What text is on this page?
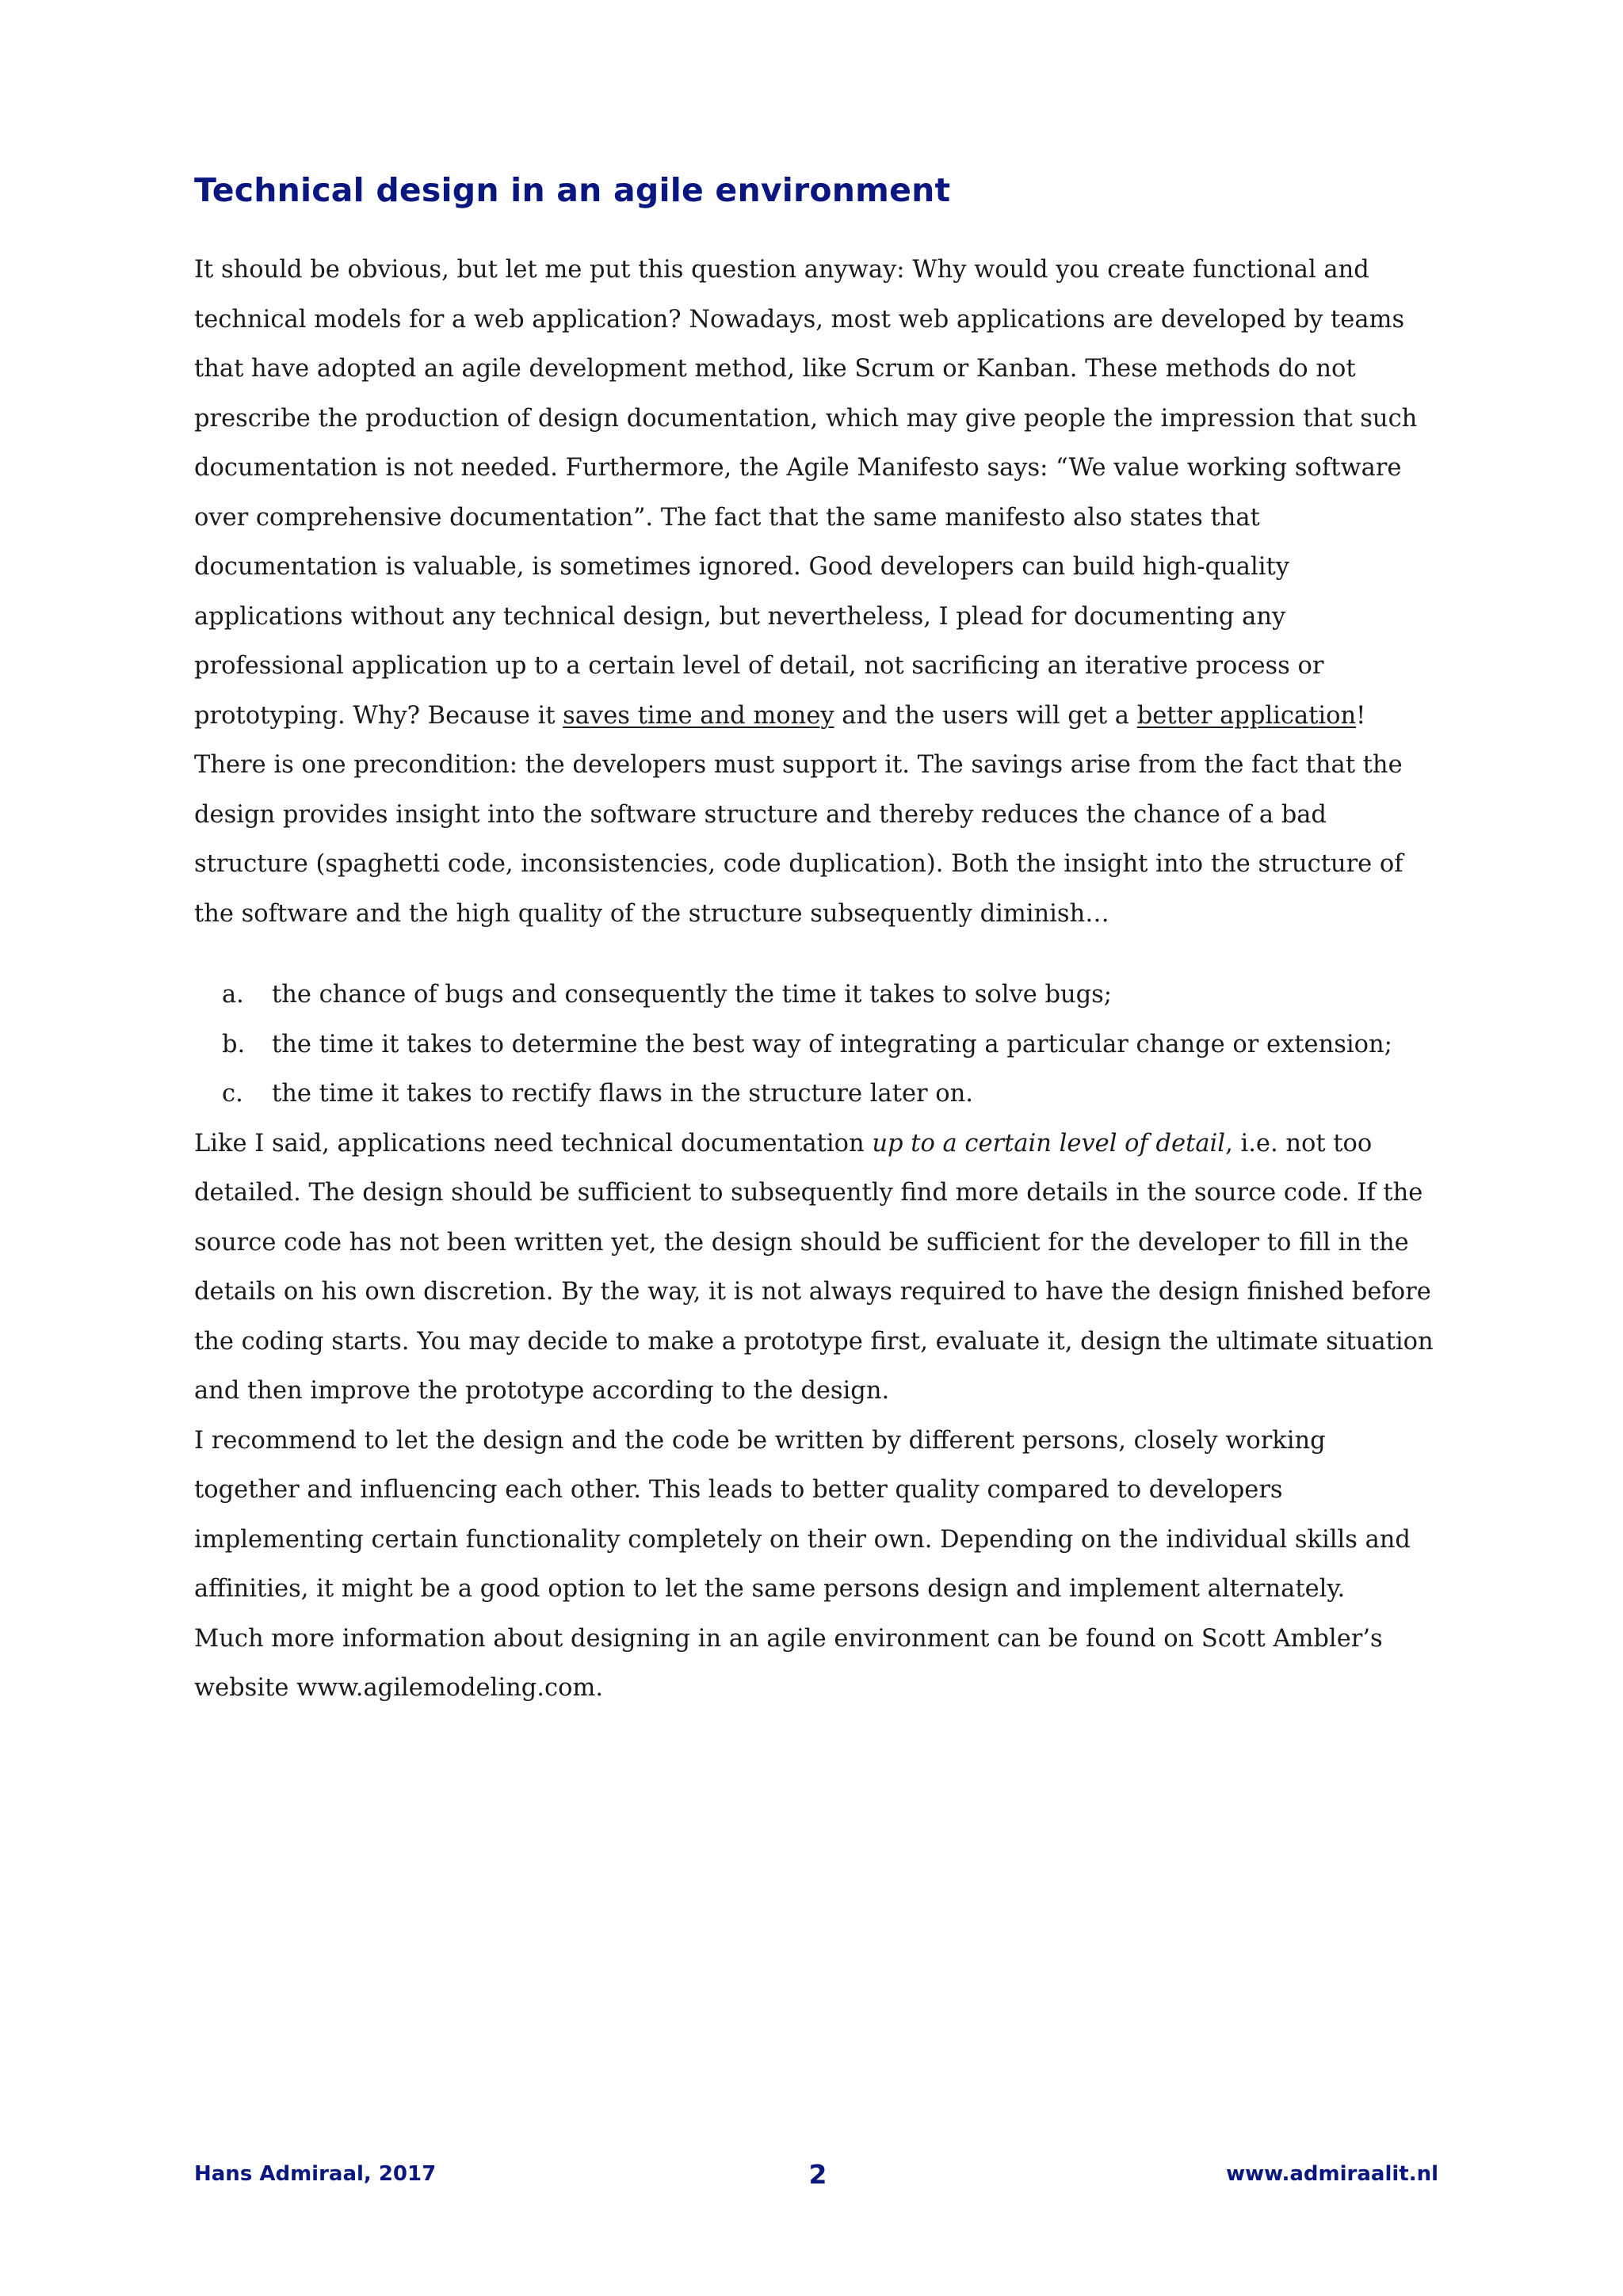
Technical design in an agile environment

It should be obvious, but let me put this question anyway: Why would you create functional and technical models for a web application? Nowadays, most web applications are developed by teams that have adopted an agile development method, like Scrum or Kanban. These methods do not prescribe the production of design documentation, which may give people the impression that such documentation is not needed. Furthermore, the Agile Manifesto says: “We value working software over comprehensive documentation”. The fact that the same manifesto also states that documentation is valuable, is sometimes ignored. Good developers can build high-quality applications without any technical design, but nevertheless, I plead for documenting any professional application up to a certain level of detail, not sacrificing an iterative process or prototyping. Why? Because it saves time and money and the users will get a better application! There is one precondition: the developers must support it. The savings arise from the fact that the design provides insight into the software structure and thereby reduces the chance of a bad structure (spaghetti code, inconsistencies, code duplication). Both the insight into the structure of the software and the high quality of the structure subsequently diminish…

a. the chance of bugs and consequently the time it takes to solve bugs;
b. the time it takes to determine the best way of integrating a particular change or extension;
c. the time it takes to rectify flaws in the structure later on.

Like I said, applications need technical documentation up to a certain level of detail, i.e. not too detailed. The design should be sufficient to subsequently find more details in the source code. If the source code has not been written yet, the design should be sufficient for the developer to fill in the details on his own discretion. By the way, it is not always required to have the design finished before the coding starts. You may decide to make a prototype first, evaluate it, design the ultimate situation and then improve the prototype according to the design.

I recommend to let the design and the code be written by different persons, closely working together and influencing each other. This leads to better quality compared to developers implementing certain functionality completely on their own. Depending on the individual skills and affinities, it might be a good option to let the same persons design and implement alternately.

Much more information about designing in an agile environment can be found on Scott Ambler’s website www.agilemodeling.com.

Hans Admiraal, 2017	2	www.admiraalit.nl
